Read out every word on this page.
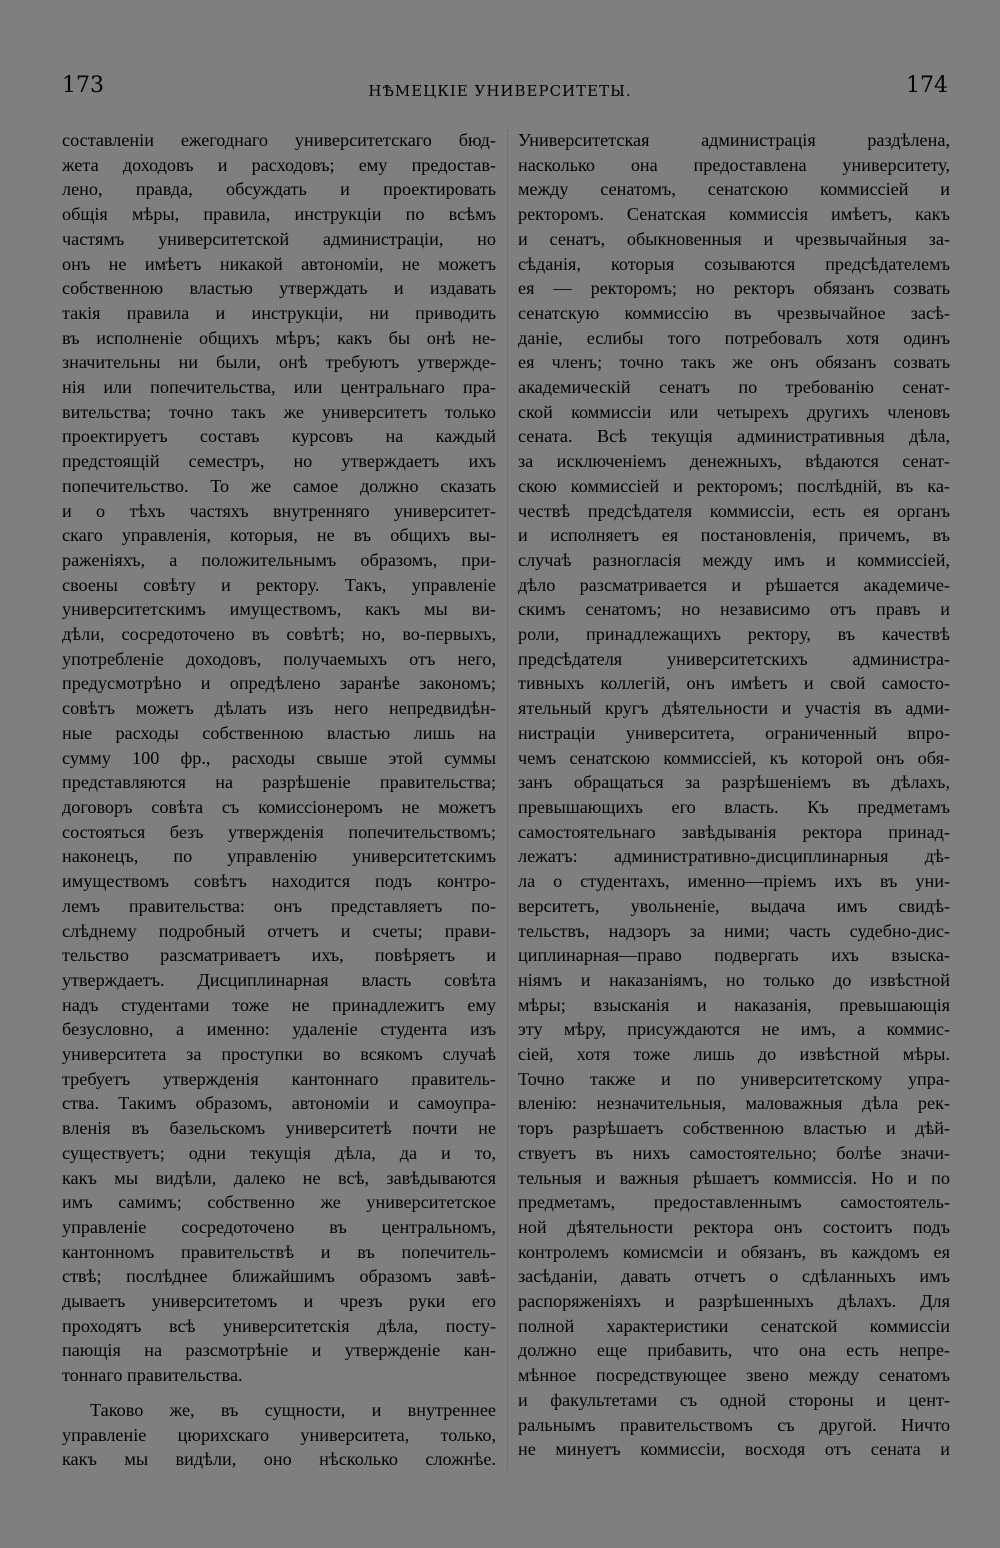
173	НѢМЕЦКІЕ УНИВЕРСИТЕТЫ.	174
составленіи ежегоднаго университетскаго бюд-
жета доходовъ и расходовъ; ему предостав-
лено, правда, обсуждать и проектировать
общія мѣры, правила, инструкціи по всѣмъ
частямъ университетской администраціи, но
онъ не имѣетъ никакой автономіи, не можетъ
собственною властью утверждать и издавать
такія правила и инструкціи, ни приводить
въ исполненіе общихъ мѣръ; какъ бы онѣ не-
значительны ни были, онѣ требуютъ утвержде-
нія или попечительства, или центральнаго пра-
вительства; точно такъ же университетъ только
проектируетъ составъ курсовъ на каждый
предстоящій семестръ, но утверждаетъ ихъ
попечительство. То же самое должно сказать
и о тѣхъ частяхъ внутренняго университет-
скаго управленія, которыя, не въ общихъ вы-
раженіяхъ, а положительнымъ образомъ, при-
своены совѣту и ректору. Такъ, управленіе
университетскимъ имуществомъ, какъ мы ви-
дѣли, сосредоточено въ совѣтѣ; но, во-первыхъ,
употребленіе доходовъ, получаемыхъ отъ него,
предусмотрѣно и опредѣлено заранѣе закономъ;
совѣтъ можетъ дѣлать изъ него непредвидѣн-
ные расходы собственною властью лишь на
сумму 100 фр., расходы свыше этой суммы
представляются на разрѣшеніе правительства;
договоръ совѣта съ комиссіонеромъ не можетъ
состояться безъ утвержденія попечительствомъ;
наконецъ, по управленію университетскимъ
имуществомъ совѣтъ находится подъ контро-
лемъ правительства: онъ представляетъ по-
слѣднему подробный отчетъ и счеты; прави-
тельство разсматриваетъ ихъ, повѣряетъ и
утверждаетъ. Дисциплинарная власть совѣта
надъ студентами тоже не принадлежитъ ему
безусловно, а именно: удаленіе студента изъ
университета за проступки во всякомъ случаѣ
требуетъ утвержденія кантоннаго правитель-
ства. Такимъ образомъ, автономіи и самоупра-
вленія въ базельскомъ университетѣ почти не
существуетъ; одни текущія дѣла, да и то,
какъ мы видѣли, далеко не всѣ, завѣдываются
имъ самимъ; собственно же университетское
управленіе сосредоточено въ центральномъ,
кантонномъ правительствѣ и въ попечитель-
ствѣ; послѣднее ближайшимъ образомъ завѣ-
дываетъ университетомъ и чрезъ руки его
проходятъ всѣ университетскія дѣла, посту-
пающія на разсмотрѣніе и утвержденіе кан-
тоннаго правительства.
Таково же, въ сущности, и внутреннее
управленіе цюрихскаго университета, только,
какъ мы видѣли, оно нѣсколько сложнѣе.
Университетская администрація раздѣлена,
насколько она предоставлена университету,
между сенатомъ, сенатскою коммиссіей и
ректоромъ. Сенатская коммиссія имѣетъ, какъ
и сенатъ, обыкновенныя и чрезвычайныя за-
сѣданія, которыя созываются предсѣдателемъ
ея — ректоромъ; но ректоръ обязанъ созвать
сенатскую коммиссію въ чрезвычайное засѣ-
даніе, еслибы того потребовалъ хотя одинъ
ея членъ; точно такъ же онъ обязанъ созвать
академическій сенатъ по требованію сенат-
ской коммиссіи или четырехъ другихъ членовъ
сената. Всѣ текущія административныя дѣла,
за исключеніемъ денежныхъ, вѣдаются сенат-
скою коммиссіей и ректоромъ; послѣдній, въ ка-
чествѣ предсѣдателя коммиссіи, есть ея органъ
и исполняетъ ея постановленія, причемъ, въ
случаѣ разногласія между имъ и коммиссіей,
дѣло разсматривается и рѣшается академиче-
скимъ сенатомъ; но независимо отъ правъ и
роли, принадлежащихъ ректору, въ качествѣ
предсѣдателя университетскихъ администра-
тивныхъ коллегій, онъ имѣетъ и свой самосто-
ятельный кругъ дѣятельности и участія въ адми-
нистраціи университета, ограниченный впро-
чемъ сенатскою коммиссіей, къ которой онъ обя-
занъ обращаться за разрѣшеніемъ въ дѣлахъ,
превышающихъ его власть. Къ предметамъ
самостоятельнаго завѣдыванія ректора принад-
лежатъ: административно-дисциплинарныя дѣ-
ла о студентахъ, именно—пріемъ ихъ въ уни-
верситетъ, увольненіе, выдача имъ свидѣ-
тельствъ, надзоръ за ними; часть судебно-дис-
циплинарная—право подвергать ихъ взыска-
ніямъ и наказаніямъ, но только до извѣстной
мѣры; взысканія и наказанія, превышающія
эту мѣру, присуждаются не имъ, а коммис-
сіей, хотя тоже лишь до извѣстной мѣры.
Точно также и по университетскому упра-
вленію: незначительныя, маловажныя дѣла рек-
торъ разрѣшаетъ собственною властью и дѣй-
ствуетъ въ нихъ самостоятельно; болѣе значи-
тельныя и важныя рѣшаетъ коммиссія. Но и по
предметамъ, предоставленнымъ самостоятель-
ной дѣятельности ректора онъ состоитъ подъ
контролемъ комисмсіи и обязанъ, въ каждомъ ея
засѣданіи, давать отчетъ о сдѣланныхъ имъ
распоряженіяхъ и разрѣшенныхъ дѣлахъ. Для
полной характеристики сенатской коммиссіи
должно еще прибавить, что она есть непре-
мѣнное посредствующее звено между сенатомъ
и факультетами съ одной стороны и цент-
ральнымъ правительствомъ съ другой. Ничто
не минуетъ коммиссіи, восходя отъ сената и
